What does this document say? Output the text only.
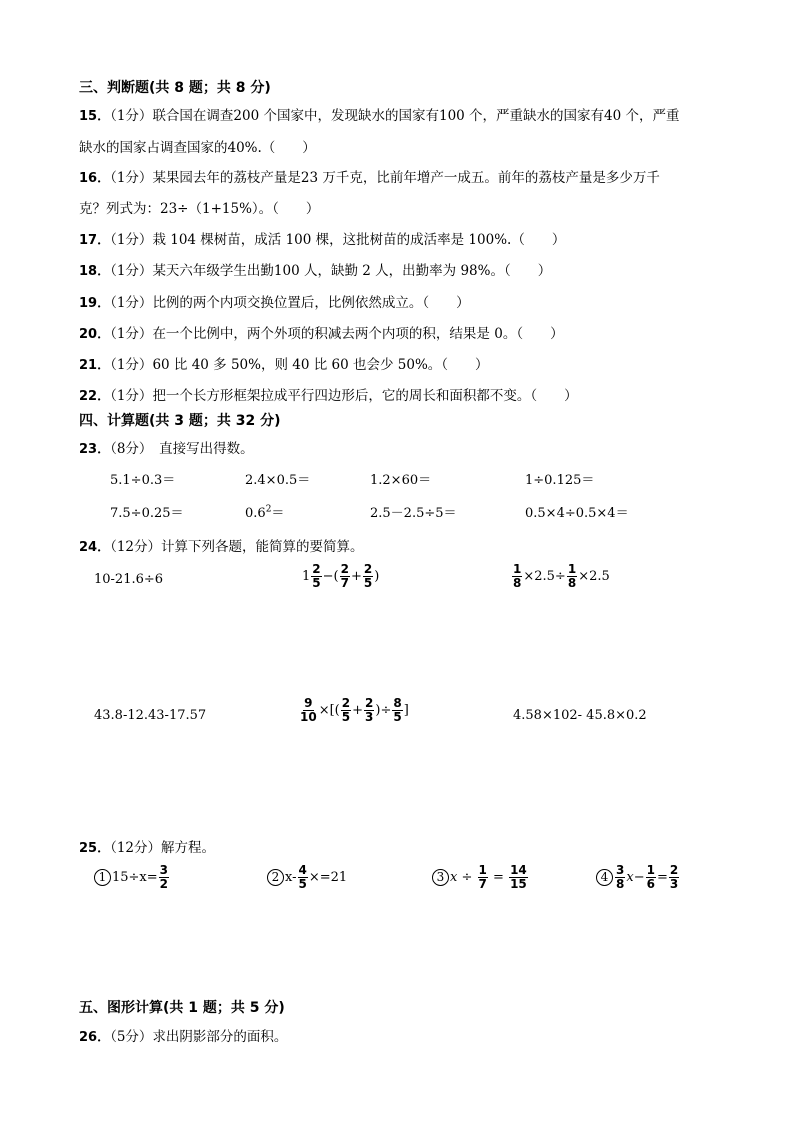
三、判断题(共 8 题；共 8 分)
15．（1分）联合国在调查200 个国家中，发现缺水的国家有100 个，严重缺水的国家有40 个，严重
缺水的国家占调查国家的40%.（　　）
16．（1分）某果园去年的荔枝产量是23 万千克，比前年增产一成五。前年的荔枝产量是多少万千
克？列式为：23÷（1+15%）。（　　）
17．（1分）栽 104 棵树苗，成活 100 棵，这批树苗的成活率是 100%.（　　）
18．（1分）某天六年级学生出勤100 人，缺勤 2 人，出勤率为 98%。（　　）
19．（1分）比例的两个内项交换位置后，比例依然成立。（　　）
20．（1分）在一个比例中，两个外项的积减去两个内项的积，结果是 0。（　　）
21．（1分）60 比 40 多 50%，则 40 比 60 也会少 50%。（　　）
22．（1分）把一个长方形框架拉成平行四边形后，它的周长和面积都不变。（　　）
四、计算题(共 3 题；共 32 分)
23．（8分）　直接写出得数。
5.1÷0.3＝	2.4×0.5＝	1.2×60＝	1÷0.125＝
7.5÷0.25＝	$0.6^2=$	2.5－2.5÷5＝	0.5×4÷0.5×4＝
24．（12分）计算下列各题，能简算的要简算。
10-21.6÷6	$1 \frac{2}{5}$ −( $\frac{2}{7} + \frac{2}{5}$ )	$\frac{1}{8} \times 2.5\div \frac{1}{8} \times 2.5$
43.8-12.43-17.57	$\frac{9}{10}$ ×[( $\frac{2}{5} + \frac{2}{3}$ )÷ $\frac{8}{5}$ ]	4.58×102- 45.8×0.2
25．（12分）解方程。
1 $15\div x= \frac{3}{2}$	2 $x- \frac{4}{5} \times=21$	3 $x \div \frac{1}{7} = \frac{14}{15}$	$4 \frac{3}{8} x- \frac{1}{6} = \frac{2}{3}$
五、图形计算(共 1 题；共 5 分)
26．（5分）求出阴影部分的面积。
